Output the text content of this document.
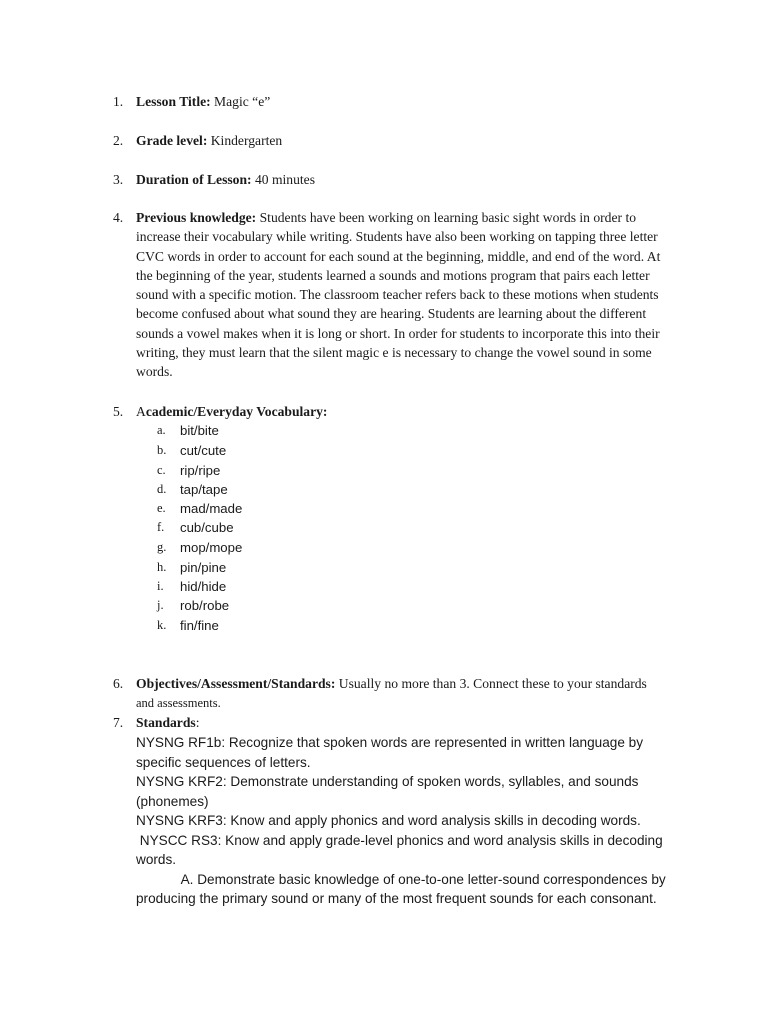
1. Lesson Title: Magic “e”
2. Grade level: Kindergarten
3. Duration of Lesson: 40 minutes
4. Previous knowledge: Students have been working on learning basic sight words in order to
increase their vocabulary while writing. Students have also been working on tapping three letter
CVC words in order to account for each sound at the beginning, middle, and end of the word. At
the beginning of the year, students learned a sounds and motions program that pairs each letter
sound with a specific motion. The classroom teacher refers back to these motions when students
become confused about what sound they are hearing. Students are learning about the different
sounds a vowel makes when it is long or short. In order for students to incorporate this into their
writing, they must learn that the silent magic e is necessary to change the vowel sound in some
words.
5. Academic/Everyday Vocabulary:
a. bit/bite
b. cut/cute
c. rip/ripe
d. tap/tape
e. mad/made
f. cub/cube
g. mop/mope
h. pin/pine
i. hid/hide
j. rob/robe
k. fin/fine
6. Objectives/Assessment/Standards: Usually no more than 3. Connect these to your standards
and assessments.
7. Standards:
NYSNG RF1b: Recognize that spoken words are represented in written language by
specific sequences of letters.
NYSNG KRF2: Demonstrate understanding of spoken words, syllables, and sounds
(phonemes)
NYSNG KRF3: Know and apply phonics and word analysis skills in decoding words.
NYSCC RS3: Know and apply grade-level phonics and word analysis skills in decoding
words.
A. Demonstrate basic knowledge of one-to-one letter-sound correspondences by
producing the primary sound or many of the most frequent sounds for each consonant.
